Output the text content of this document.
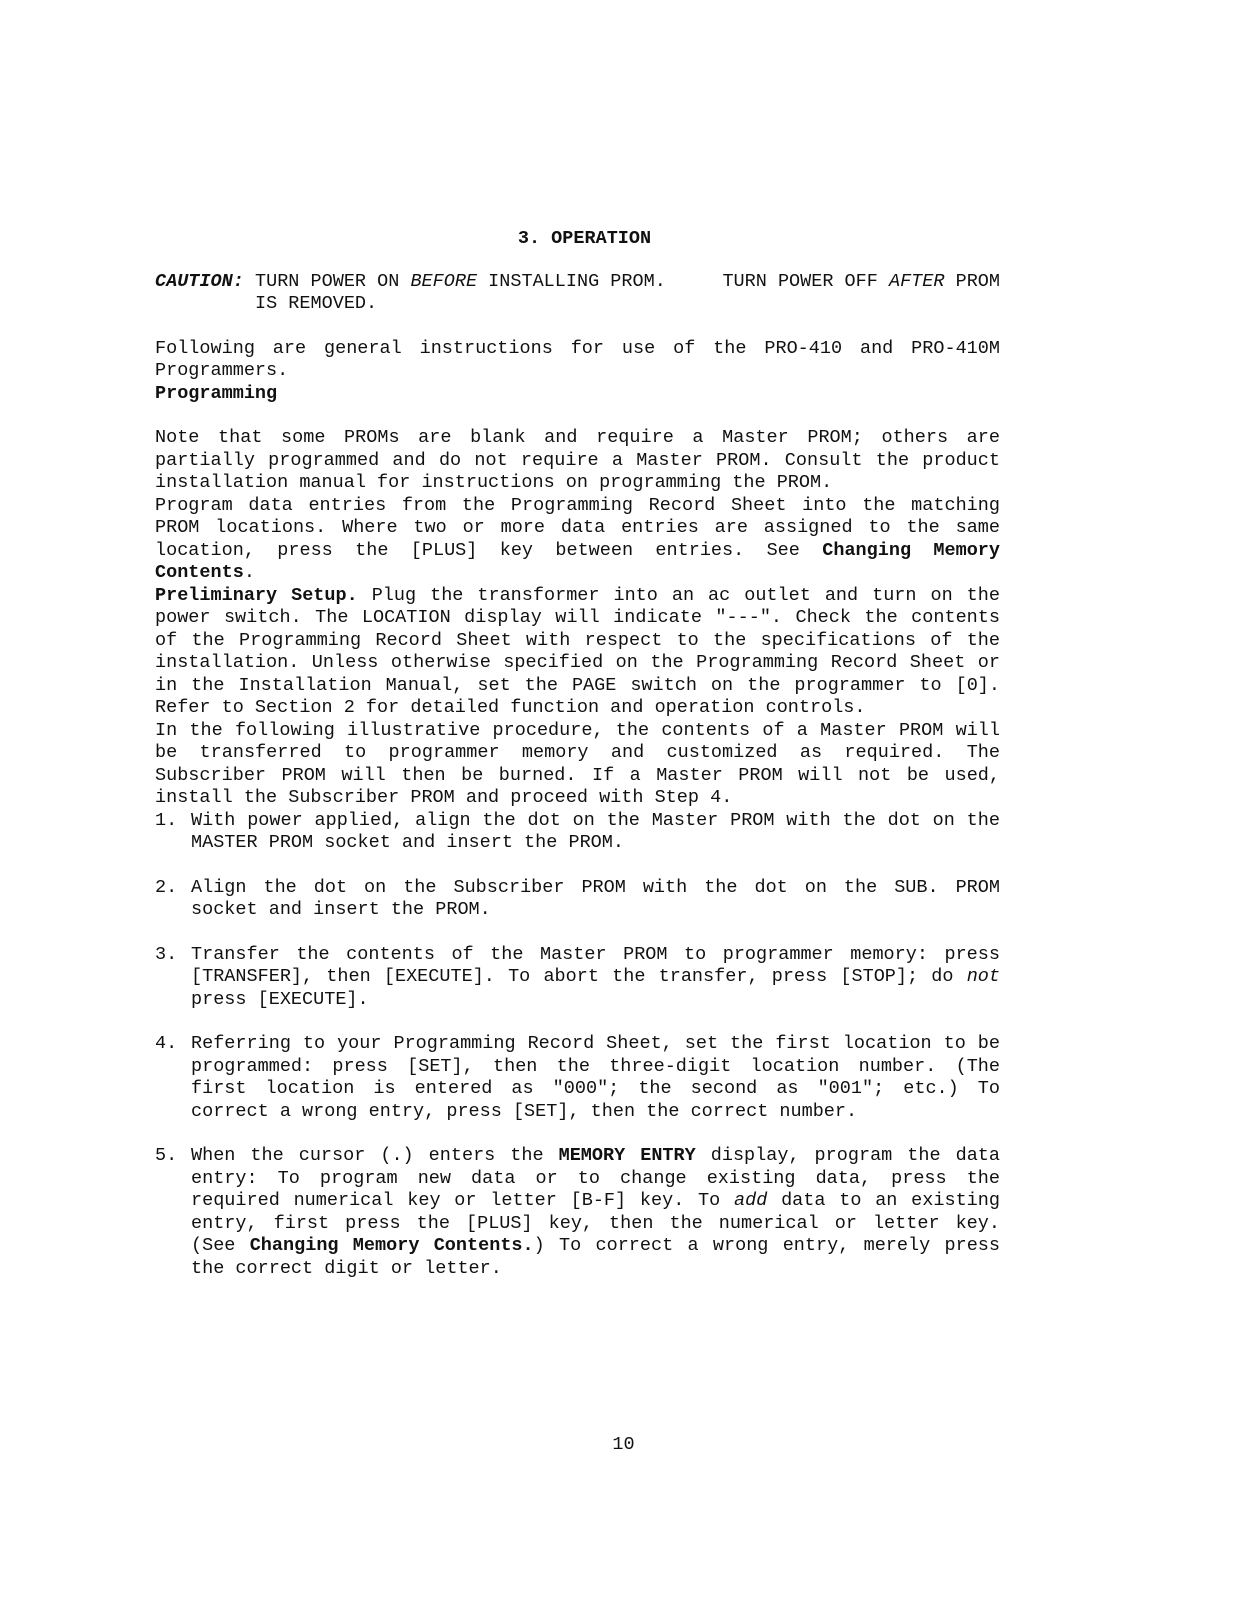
3. OPERATION
CAUTION: TURN POWER ON BEFORE INSTALLING PROM.	TURN POWER OFF AFTER PROM
IS REMOVED.

Following are general instructions for use of the PRO-410 and PRO-410M Programmers.

Programming

Note that some PROMs are blank and require a Master PROM; others are partially programmed and do not require a Master PROM. Consult the product installation manual for instructions on programming the PROM.

Program data entries from the Programming Record Sheet into the matching PROM locations. Where two or more data entries are assigned to the same location, press the [PLUS] key between entries. See Changing Memory Contents.

Preliminary Setup. Plug the transformer into an ac outlet and turn on the power switch. The LOCATION display will indicate "---". Check the contents of the Programming Record Sheet with respect to the specifications of the installation. Unless otherwise specified on the Programming Record Sheet or in the Installation Manual, set the PAGE switch on the programmer to [0]. Refer to Section 2 for detailed function and operation controls.

In the following illustrative procedure, the contents of a Master PROM will be transferred to programmer memory and customized as required. The Subscriber PROM will then be burned. If a Master PROM will not be used, install the Subscriber PROM and proceed with Step 4.

1. With power applied, align the dot on the Master PROM with the dot on the MASTER PROM socket and insert the PROM.
2. Align the dot on the Subscriber PROM with the dot on the SUB. PROM socket and insert the PROM.
3. Transfer the contents of the Master PROM to programmer memory: press [TRANSFER], then [EXECUTE]. To abort the transfer, press [STOP]; do not press [EXECUTE].
4. Referring to your Programming Record Sheet, set the first location to be programmed: press [SET], then the three-digit location number. (The first location is entered as "000"; the second as "001"; etc.) To correct a wrong entry, press [SET], then the correct number.
5. When the cursor (.) enters the MEMORY ENTRY display, program the data entry: To program new data or to change existing data, press the required numerical key or letter [B-F] key. To add data to an existing entry, first press the [PLUS] key, then the numerical or letter key. (See Changing Memory Contents.) To correct a wrong entry, merely press the correct digit or letter.
10
